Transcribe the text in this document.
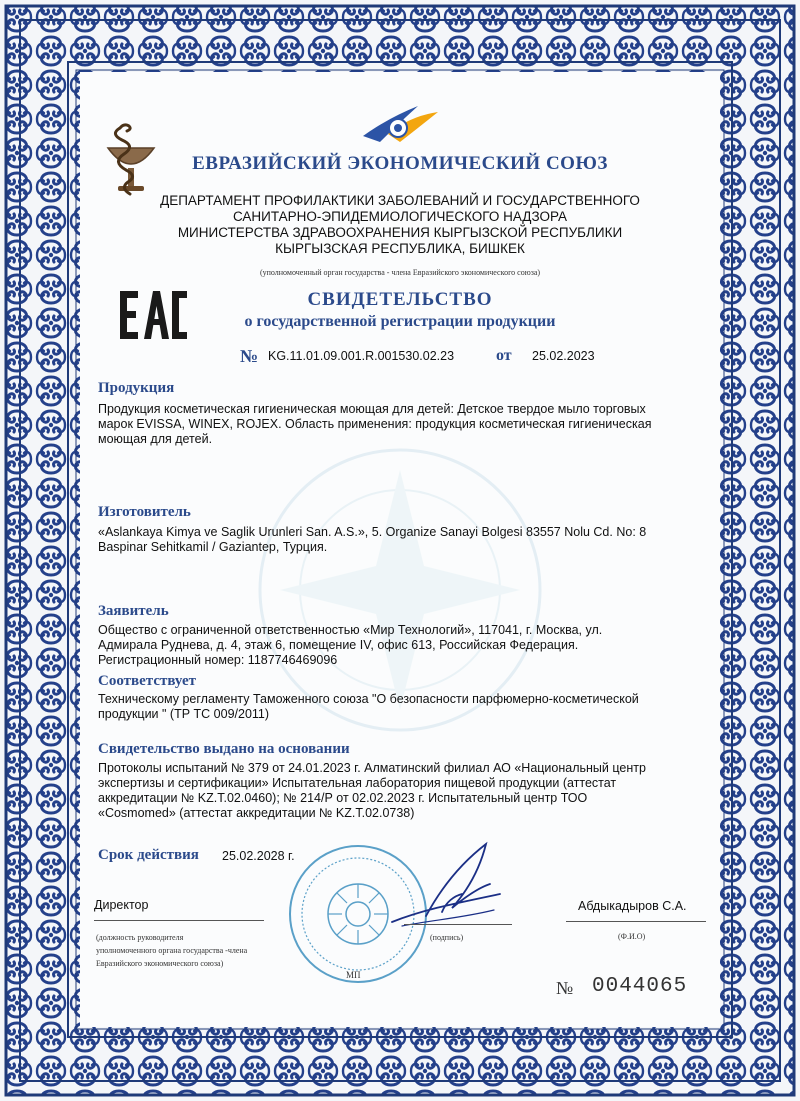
ЕВРАЗИЙСКИЙ ЭКОНОМИЧЕСКИЙ СОЮЗ
ДЕПАРТАМЕНТ ПРОФИЛАКТИКИ ЗАБОЛЕВАНИЙ И ГОСУДАРСТВЕННОГО
САНИТАРНО-ЭПИДЕМИОЛОГИЧЕСКОГО НАДЗОРА
МИНИСТЕРСТВА ЗДРАВООХРАНЕНИЯ КЫРГЫЗСКОЙ РЕСПУБЛИКИ
КЫРГЫЗСКАЯ РЕСПУБЛИКА, БИШКЕК
(уполномоченный орган государства - члена Евразийского экономического союза)
СВИДЕТЕЛЬСТВО
о государственной регистрации продукции
№ KG.11.01.09.001.R.001530.02.23	от 25.02.2023
Продукция
Продукция косметическая гигиеническая моющая для детей: Детское твердое мыло торговых
марок EVISSA, WINEX, ROJEX. Область применения: продукция косметическая гигиеническая
моющая для детей.
Изготовитель
«Aslankaya Kimya ve Saglik Urunleri San. A.S.», 5. Organize Sanayi Bolgesi 83557 Nolu Cd. No: 8
Baspinar Sehitkamil / Gaziantep, Турция.
Заявитель
Общество с ограниченной ответственностью «Мир Технологий», 117041, г. Москва, ул.
Адмирала Руднева, д. 4, этаж 6, помещение IV, офис 613, Российская Федерация.
Регистрационный номер: 1187746469096
Соответствует
Техническому регламенту Таможенного союза "О безопасности парфюмерно-косметической
продукции " (ТР ТС 009/2011)
Свидетельство выдано на основании
Протоколы испытаний № 379 от 24.01.2023 г. Алматинский филиал АО «Национальный центр
экспертизы и сертификации» Испытательная лаборатория пищевой продукции (аттестат
аккредитации № KZ.T.02.0460); № 214/Р от 02.02.2023 г. Испытательный центр ТОО
«Cosmomed» (аттестат аккредитации № KZ.T.02.0738)
Срок действия 25.02.2028 г.
МП
Директор
(должность руководителя
уполномоченного органа государства -члена
Евразийского экономического союза)
(подпись)
Абдыкадыров С.А.
(Ф.И.О)
№ 0044065
